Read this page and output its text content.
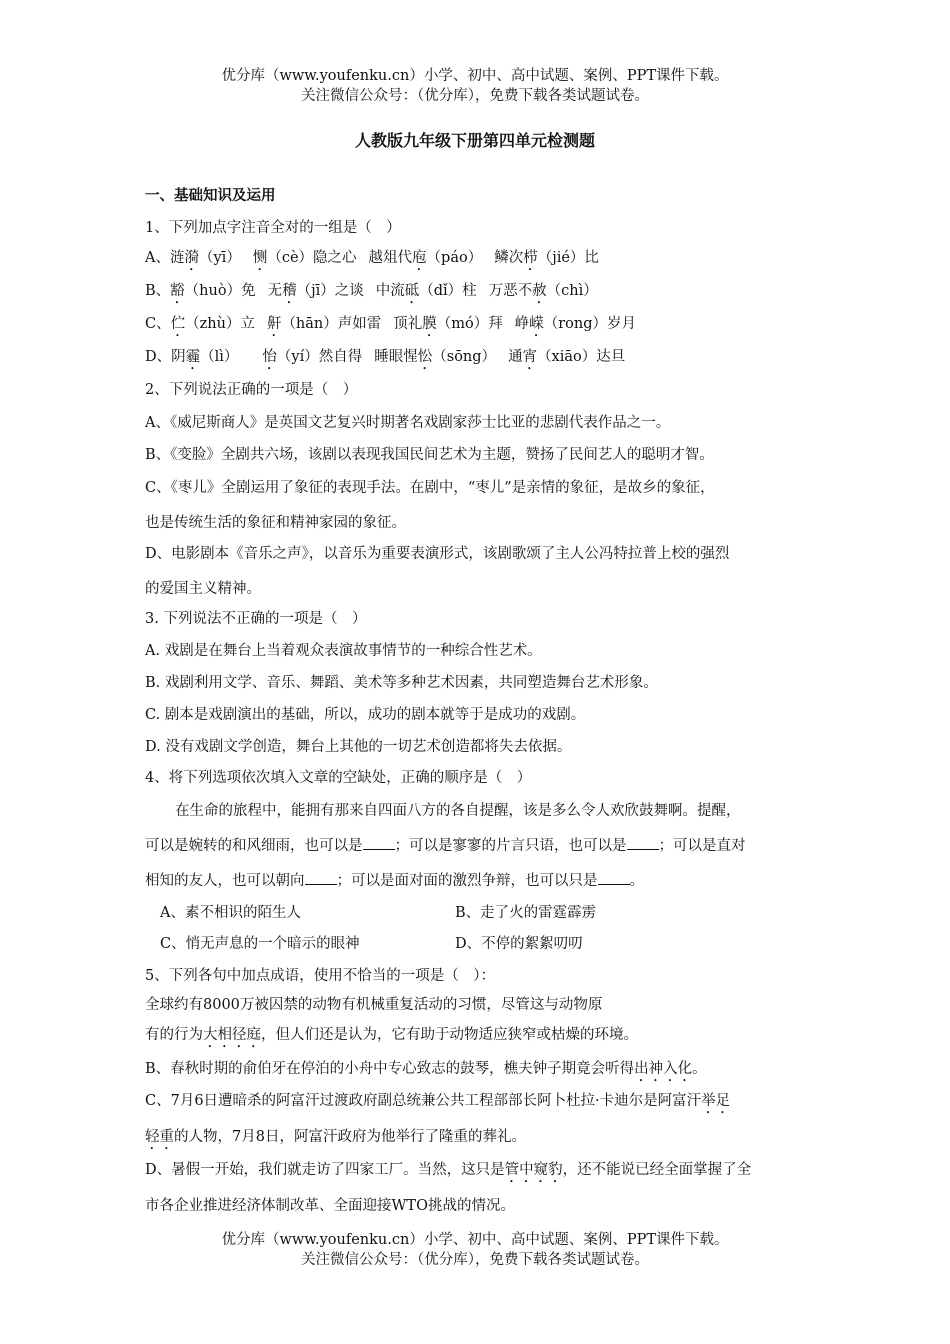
优分库（www.youfenku.cn）小学、初中、高中试题、案例、PPT课件下载。
关注微信公众号：（优分库），免费下载各类试题试卷。
人教版九年级下册第四单元检测题
一、基础知识及运用
1、下列加点字注音全对的一组是（　）
A、涟漪（yī） 恻（cè）隐之心 越俎代庖（páo） 鳞次栉（jié）比
B、豁（huò）免 无稽（jī）之谈 中流砥（dǐ）柱 万恶不赦（chì）
C、伫（zhù）立 鼾（hān）声如雷 顶礼膜（mó）拜 峥嵘（rong）岁月
D、阴霾（lì） 怡（yí）然自得 睡眼惺忪（sōng） 通宵（xiāo）达旦
2、下列说法正确的一项是（　）
A、《威尼斯商人》是英国文艺复兴时期著名戏剧家莎士比亚的悲剧代表作品之一。
B、《变脸》全剧共六场，该剧以表现我国民间艺术为主题，赞扬了民间艺人的聪明才智。
C、《枣儿》全剧运用了象征的表现手法。在剧中，“枣儿”是亲情的象征，是故乡的象征，
也是传统生活的象征和精神家园的象征。
D、电影剧本《音乐之声》，以音乐为重要表演形式，该剧歌颂了主人公冯特拉普上校的强烈
的爱国主义精神。
3. 下列说法不正确的一项是（　）
A. 戏剧是在舞台上当着观众表演故事情节的一种综合性艺术。
B. 戏剧利用文学、音乐、舞蹈、美术等多种艺术因素，共同塑造舞台艺术形象。
C. 剧本是戏剧演出的基础，所以，成功的剧本就等于是成功的戏剧。
D. 没有戏剧文学创造，舞台上其他的一切艺术创造都将失去依据。
4、将下列选项依次填入文章的空缺处，正确的顺序是（　）
在生命的旅程中，能拥有那来自四面八方的各自提醒，该是多么令人欢欣鼓舞啊。提醒，
可以是婉转的和风细雨，也可以是 ；可以是寥寥的片言只语，也可以是 ；可以是直对
相知的友人，也可以朝向 ；可以是面对面的激烈争辩，也可以只是 。
A、素不相识的陌生人	B、走了火的雷霆霹雳
C、悄无声息的一个暗示的眼神	D、不停的絮絮叨叨
5、下列各句中加点成语，使用不恰当的一项是（　）：
全球约有8000万被囚禁的动物有机械重复活动的习惯，尽管这与动物原
有的行为大相径庭，但人们还是认为，它有助于动物适应狭窄或枯燥的环境。
B、春秋时期的俞伯牙在停泊的小舟中专心致志的鼓琴，樵夫钟子期竟会听得出神入化。
C、7月6日遭暗杀的阿富汗过渡政府副总统兼公共工程部部长阿卜杜拉·卡迪尔是阿富汗举足
轻重的人物，7月8日，阿富汗政府为他举行了隆重的葬礼。
D、暑假一开始，我们就走访了四家工厂。当然，这只是管中窥豹，还不能说已经全面掌握了全
市各企业推进经济体制改革、全面迎接WTO挑战的情况。
优分库（www.youfenku.cn）小学、初中、高中试题、案例、PPT课件下载。
关注微信公众号：（优分库），免费下载各类试题试卷。
